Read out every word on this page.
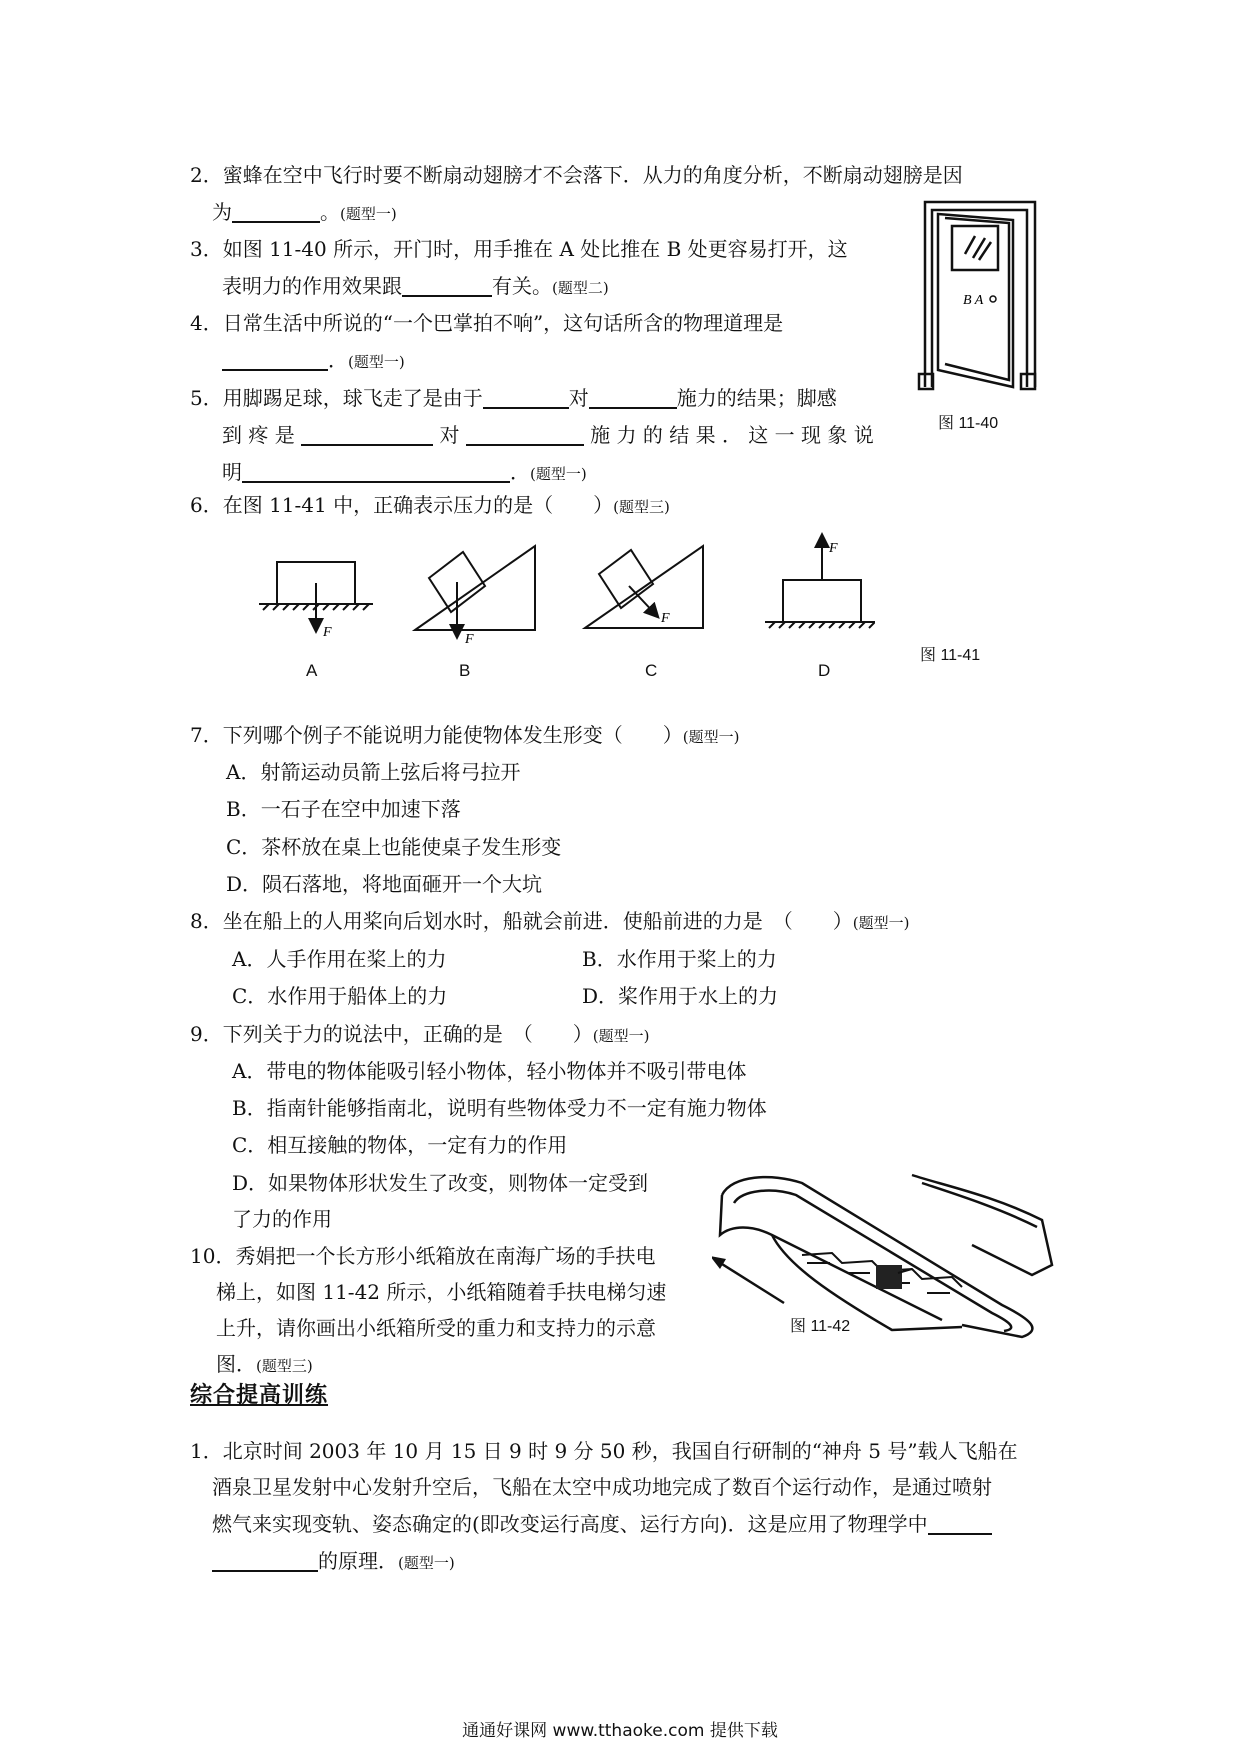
2．蜜蜂在空中飞行时要不断扇动翅膀才不会落下．从力的角度分析，不断扇动翅膀是因
为	。(题型一)
3．如图 11-40 所示，开门时，用手推在 A 处比推在 B 处更容易打开，这
表明力的作用效果跟	有关。(题型二)
4．日常生活中所说的“一个巴掌拍不响”，这句话所含的物理道理是
．(题型一)
5．用脚踢足球，球飞走了是由于	对	施力的结果；脚感
到 疼 是	对	施 力 的 结 果 ． 这 一 现 象 说
明	．(题型一)
B A
图 11-40
6．在图 11-41 中，正确表示压力的是（　　）(题型三)
F	F
F
F
A	B	C	D
图 11-41
7．下列哪个例子不能说明力能使物体发生形变（　　）(题型一)
A．射箭运动员箭上弦后将弓拉开
B．一石子在空中加速下落
C．茶杯放在桌上也能使桌子发生形变
D．陨石落地，将地面砸开一个大坑
8．坐在船上的人用桨向后划水时，船就会前进．使船前进的力是　（　　）(题型一)
A．人手作用在桨上的力	B．水作用于桨上的力
C．水作用于船体上的力	D．桨作用于水上的力
9．下列关于力的说法中，正确的是　（　　）(题型一)
A．带电的物体能吸引轻小物体，轻小物体并不吸引带电体
B．指南针能够指南北，说明有些物体受力不一定有施力物体
C．相互接触的物体，一定有力的作用
D．如果物体形状发生了改变，则物体一定受到
了力的作用
10．秀娟把一个长方形小纸箱放在南海广场的手扶电
梯上，如图 11-42 所示，小纸箱随着手扶电梯匀速
上升，请你画出小纸箱所受的重力和支持力的示意
图．(题型三)
图 11-42
综合提高训练
1．北京时间 2003 年 10 月 15 日 9 时 9 分 50 秒，我国自行研制的“神舟 5 号”载人飞船在
酒泉卫星发射中心发射升空后，飞船在太空中成功地完成了数百个运行动作，是通过喷射
燃气来实现变轨、姿态确定的(即改变运行高度、运行方向)．这是应用了物理学中
的原理．(题型一)
通通好课网 www.tthaoke.com 提供下载
